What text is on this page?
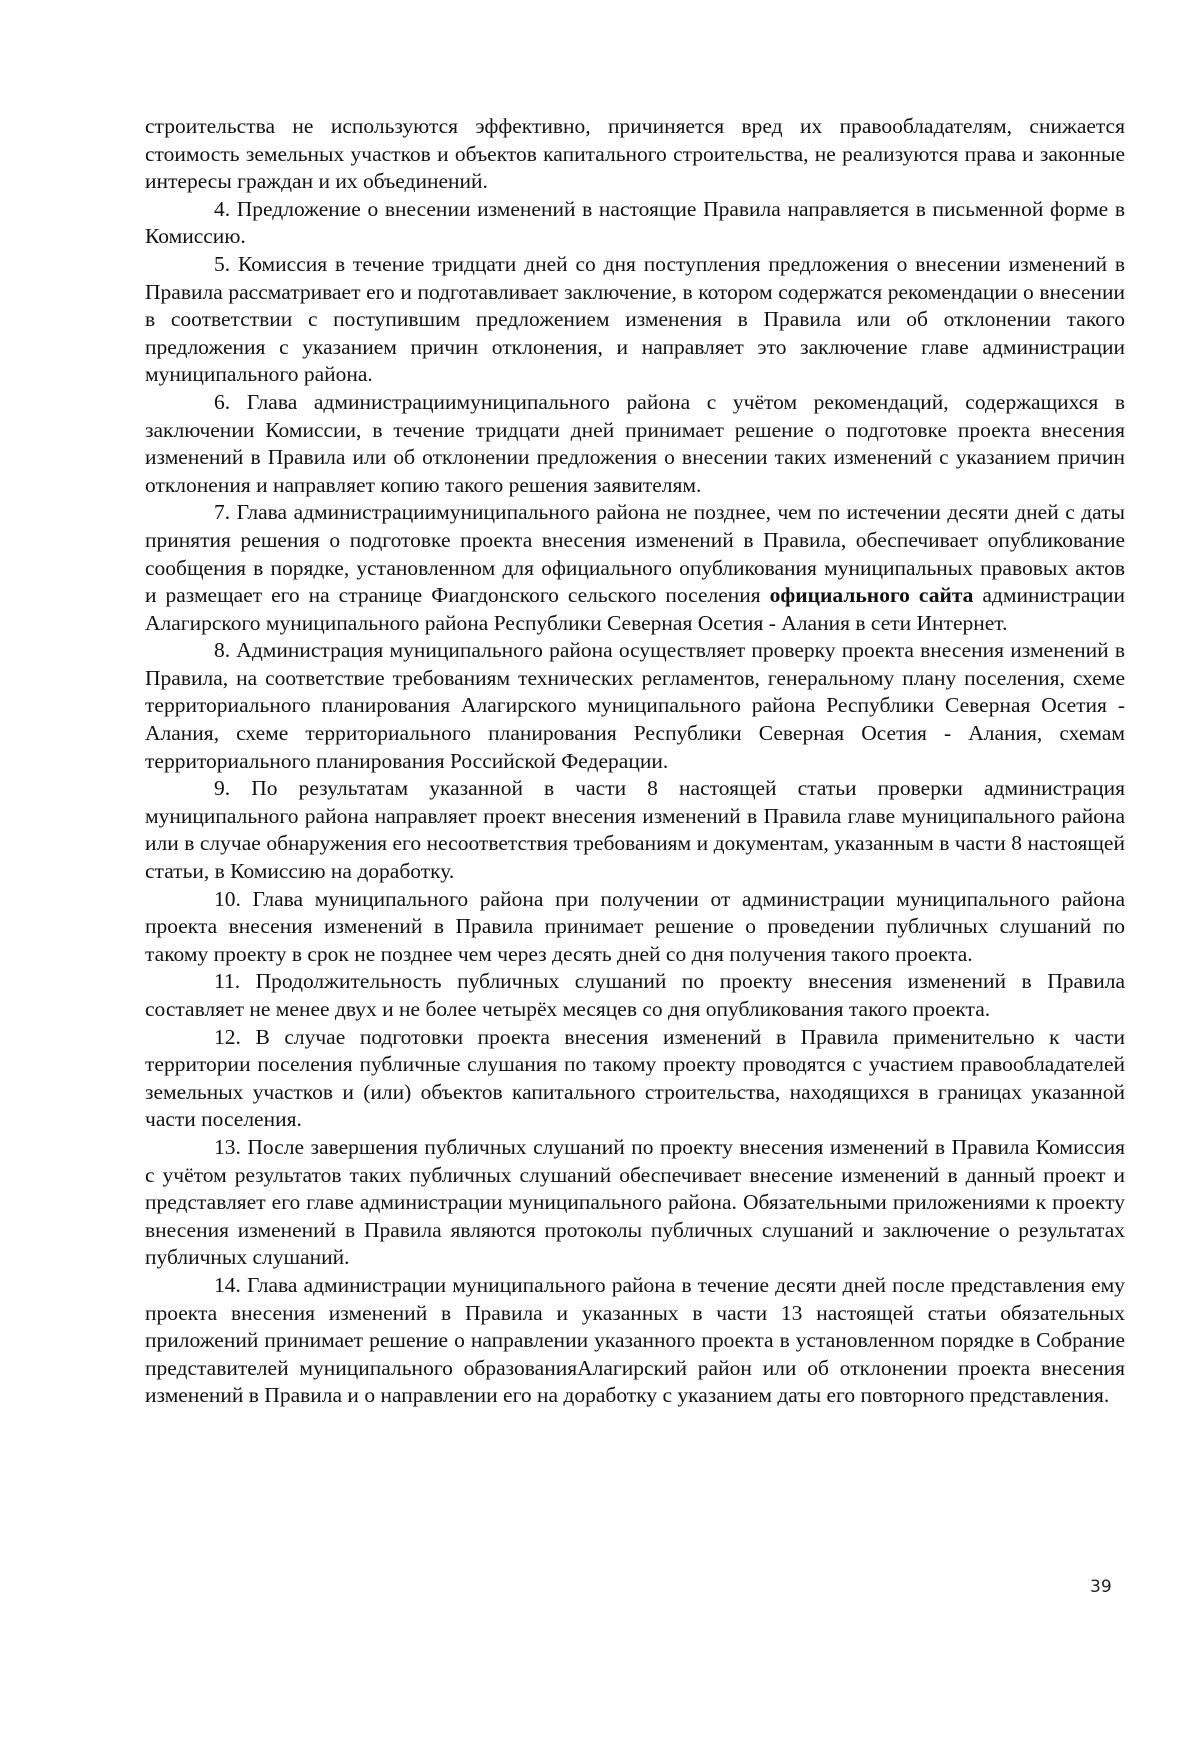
строительства не используются эффективно, причиняется вред их правообладателям, снижается стоимость земельных участков и объектов капитального строительства, не реализуются права и законные интересы граждан и их объединений.

4. Предложение о внесении изменений в настоящие Правила направляется в письменной форме в Комиссию.

5. Комиссия в течение тридцати дней со дня поступления предложения о внесении изменений в Правила рассматривает его и подготавливает заключение, в котором содержатся рекомендации о внесении в соответствии с поступившим предложением изменения в Правила или об отклонении такого предложения с указанием причин отклонения, и направляет это заключение главе администрации муниципального района.

6. Глава администрациимуниципального района с учётом рекомендаций, содержащихся в заключении Комиссии, в течение тридцати дней принимает решение о подготовке проекта внесения изменений в Правила или об отклонении предложения о внесении таких изменений с указанием причин отклонения и направляет копию такого решения заявителям.

7. Глава администрациимуниципального района не позднее, чем по истечении десяти дней с даты принятия решения о подготовке проекта внесения изменений в Правила, обеспечивает опубликование сообщения в порядке, установленном для официального опубликования муниципальных правовых актов и размещает его на странице Фиагдонского сельского поселения официального сайта администрации Алагирского муниципального района Республики Северная Осетия - Алания в сети Интернет.

8. Администрация муниципального района осуществляет проверку проекта внесения изменений в Правила, на соответствие требованиям технических регламентов, генеральному плану поселения, схеме территориального планирования Алагирского муниципального района Республики Северная Осетия - Алания, схеме территориального планирования Республики Северная Осетия - Алания, схемам территориального планирования Российской Федерации.

9. По результатам указанной в части 8 настоящей статьи проверки администрация муниципального района направляет проект внесения изменений в Правила главе муниципального района или в случае обнаружения его несоответствия требованиям и документам, указанным в части 8 настоящей статьи, в Комиссию на доработку.

10. Глава муниципального района при получении от администрации муниципального района проекта внесения изменений в Правила принимает решение о проведении публичных слушаний по такому проекту в срок не позднее чем через десять дней со дня получения такого проекта.

11. Продолжительность публичных слушаний по проекту внесения изменений в Правила составляет не менее двух и не более четырёх месяцев со дня опубликования такого проекта.

12. В случае подготовки проекта внесения изменений в Правила применительно к части территории поселения публичные слушания по такому проекту проводятся с участием правообладателей земельных участков и (или) объектов капитального строительства, находящихся в границах указанной части поселения.

13. После завершения публичных слушаний по проекту внесения изменений в Правила Комиссия с учётом результатов таких публичных слушаний обеспечивает внесение изменений в данный проект и представляет его главе администрации муниципального района. Обязательными приложениями к проекту внесения изменений в Правила являются протоколы публичных слушаний и заключение о результатах публичных слушаний.

14. Глава администрации муниципального района в течение десяти дней после представления ему проекта внесения изменений в Правила и указанных в части 13 настоящей статьи обязательных приложений принимает решение о направлении указанного проекта в установленном порядке в Собрание представителей муниципального образованияАлагирский район или об отклонении проекта внесения изменений в Правила и о направлении его на доработку с указанием даты его повторного представления.

39
